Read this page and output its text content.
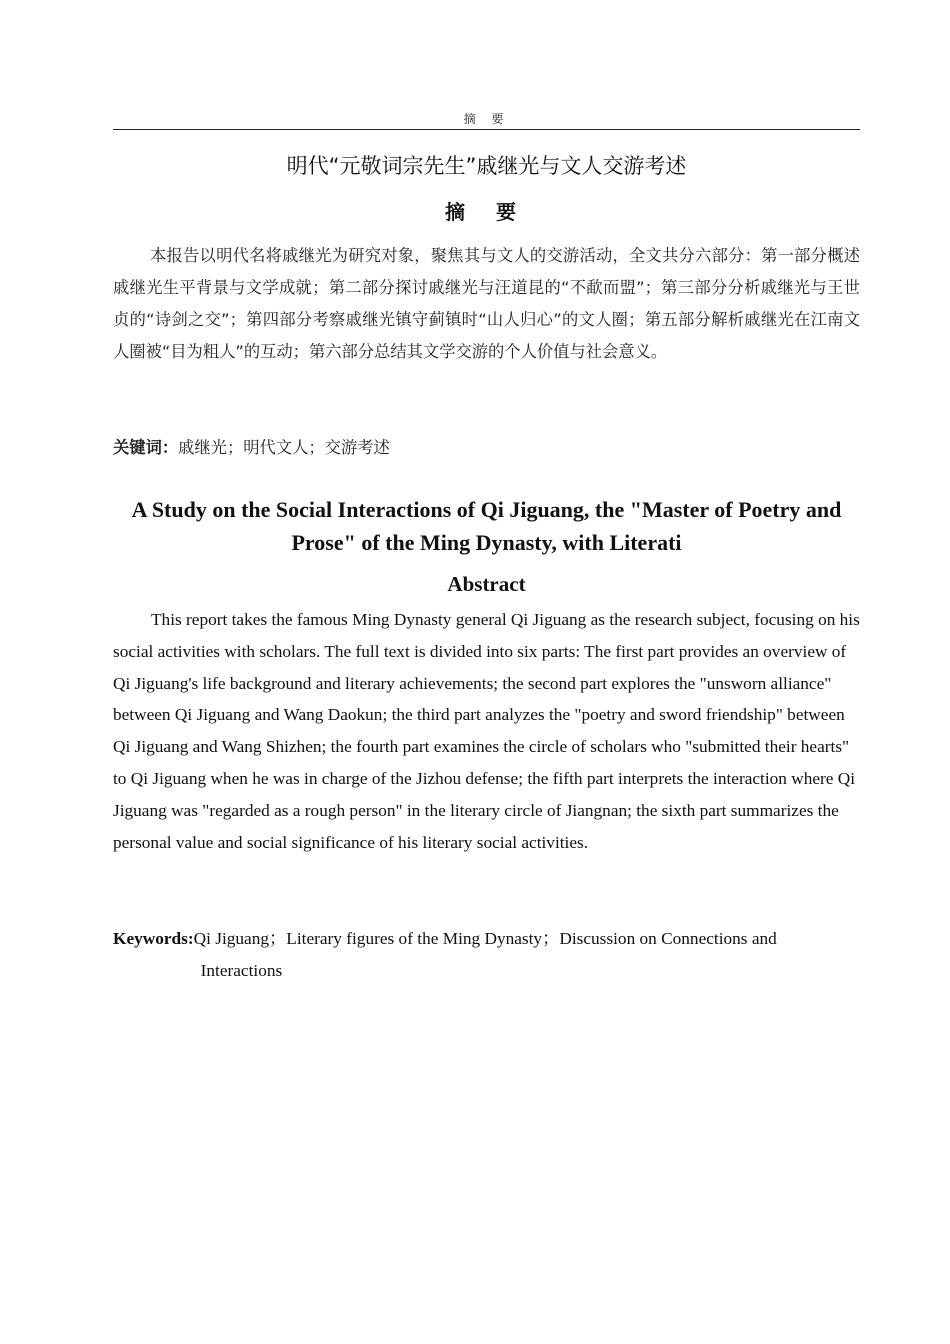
摘 要
明代“元敬词宗先生”戚继光与文人交游考述
摘 要

本报告以明代名将戚继光为研究对象，聚焦其与文人的交游活动，全文共分六部分：第一部分概述戚继光生平背景与文学成就；第二部分探讨戚继光与汪道昆的“不歃而盟”；第三部分分析戚继光与王世贞的“诗剑之交”；第四部分考察戚继光镇守蓟镇时“山人归心”的文人圈；第五部分解析戚继光在江南文人圈被“目为粗人”的互动；第六部分总结其文学交游的个人价值与社会意义。

关键词：戚继光；明代文人；交游考述
A Study on the Social Interactions of Qi Jiguang, the "Master of Poetry and Prose" of the Ming Dynasty, with Literati
Abstract

This report takes the famous Ming Dynasty general Qi Jiguang as the research subject, focusing on his social activities with scholars. The full text is divided into six parts: The first part provides an overview of Qi Jiguang's life background and literary achievements; the second part explores the "unsworn alliance" between Qi Jiguang and Wang Daokun; the third part analyzes the "poetry and sword friendship" between Qi Jiguang and Wang Shizhen; the fourth part examines the circle of scholars who "submitted their hearts" to Qi Jiguang when he was in charge of the Jizhou defense; the fifth part interprets the interaction where Qi Jiguang was "regarded as a rough person" in the literary circle of Jiangnan; the sixth part summarizes the personal value and social significance of his literary social activities.

Keywords: Qi Jiguang；Literary figures of the Ming Dynasty；Discussion on Connections and
Interactions
